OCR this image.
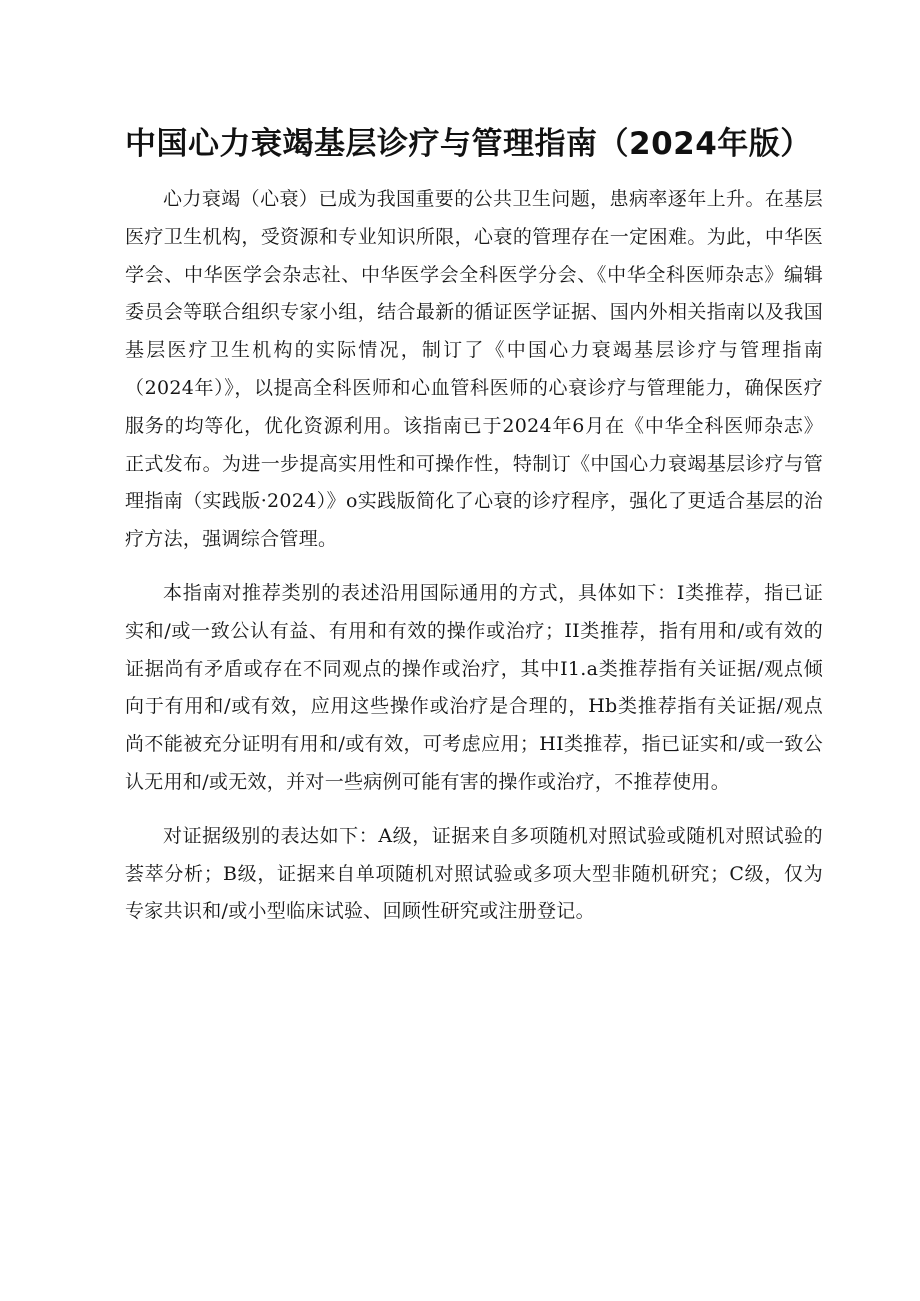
中国心力衰竭基层诊疗与管理指南（2024年版）

心力衰竭（心衰）已成为我国重要的公共卫生问题，患病率逐年上升。在基层医疗卫生机构，受资源和专业知识所限，心衰的管理存在一定困难。为此，中华医学会、中华医学会杂志社、中华医学会全科医学分会、《中华全科医师杂志》编辑委员会等联合组织专家小组，结合最新的循证医学证据、国内外相关指南以及我国基层医疗卫生机构的实际情况，制订了《中国心力衰竭基层诊疗与管理指南（2024年）》，以提高全科医师和心血管科医师的心衰诊疗与管理能力，确保医疗服务的均等化，优化资源利用。该指南已于2024年6月在《中华全科医师杂志》正式发布。为进一步提高实用性和可操作性，特制订《中国心力衰竭基层诊疗与管理指南（实践版·2024）》o实践版简化了心衰的诊疗程序，强化了更适合基层的治疗方法，强调综合管理。

本指南对推荐类别的表述沿用国际通用的方式，具体如下：I类推荐，指已证实和/或一致公认有益、有用和有效的操作或治疗；II类推荐，指有用和/或有效的证据尚有矛盾或存在不同观点的操作或治疗，其中I1.a类推荐指有关证据/观点倾向于有用和/或有效，应用这些操作或治疗是合理的，Hb类推荐指有关证据/观点尚不能被充分证明有用和/或有效，可考虑应用；HI类推荐，指已证实和/或一致公认无用和/或无效，并对一些病例可能有害的操作或治疗，不推荐使用。

对证据级别的表达如下：A级，证据来自多项随机对照试验或随机对照试验的荟萃分析；B级，证据来自单项随机对照试验或多项大型非随机研究；C级，仅为专家共识和/或小型临床试验、回顾性研究或注册登记。
